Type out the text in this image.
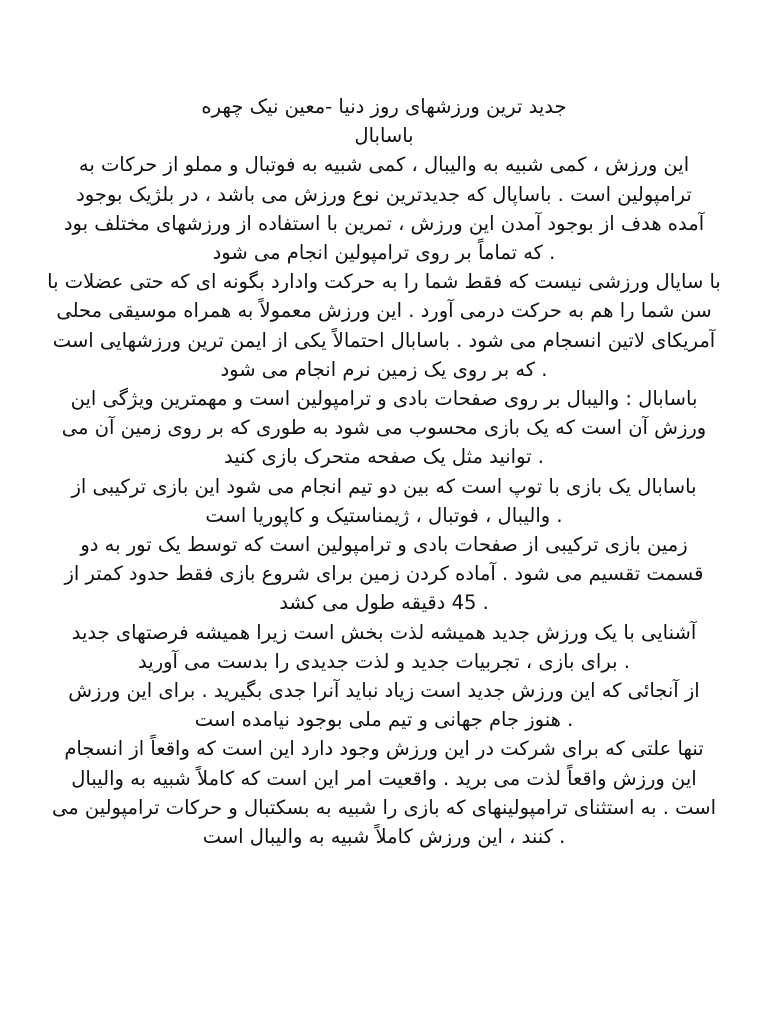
جدید ترین ورزشهای روز دنیا -معین نیک چهره
باسابال
این ورزش ، کمی شبیه به والیبال ، کمی شبیه به فوتبال و مملو از حرکات به
ترامپولین است . باساپال که جدیدترین نوع ورزش می باشد ، در بلژیک بوجود
آمده هدف از بوجود آمدن این ورزش ، تمرین با استفاده از ورزشهای مختلف بود
. که تماماً بر روی ترامپولین انجام می شود
با سایال ورزشی نیست که فقط شما را به حرکت وادارد بگونه ای که حتی عضلات با
سن شما را هم به حرکت درمی آورد . این ورزش معمولاً به همراه موسیقی محلی
آمریکای لاتین انسجام می شود . باسابال احتمالاً یکی از ایمن ترین ورزشهایی است
. که بر روی یک زمین نرم انجام می شود
باسابال : والیبال بر روی صفحات بادی و ترامپولین است و مهمترین ویژگی این
ورزش آن است که یک بازی محسوب می شود به طوری که بر روی زمین آن می
. توانید مثل یک صفحه متحرک بازی کنید
باسابال یک بازی با توپ است که بین دو تیم انجام می شود این بازی ترکیبی از
. والیبال ، فوتبال ، ژیمناستیک و کاپوریا است
زمین بازی ترکیبی از صفحات بادی و ترامپولین است که توسط یک تور به دو
قسمت تقسیم می شود . آماده کردن زمین برای شروع بازی فقط حدود کمتر از
. 45 دقیقه طول می کشد
آشنایی با یک ورزش جدید همیشه لذت بخش است زیرا همیشه فرصتهای جدید
. برای بازی ، تجربیات جدید و لذت جدیدی را بدست می آورید
از آنجائی که این ورزش جدید است زیاد نباید آنرا جدی بگیرید . برای این ورزش
. هنوز جام جهانی و تیم ملی بوجود نیامده است
تنها علتی که برای شرکت در این ورزش وجود دارد این است که واقعاً از انسجام
این ورزش واقعاً لذت می برید . واقعیت امر این است که کاملاً شبیه به والیبال
است . به استثنای ترامپولینهای که بازی را شبیه به بسکتبال و حرکات ترامپولین می
. کنند ، این ورزش کاملاً شبیه به والیبال است
